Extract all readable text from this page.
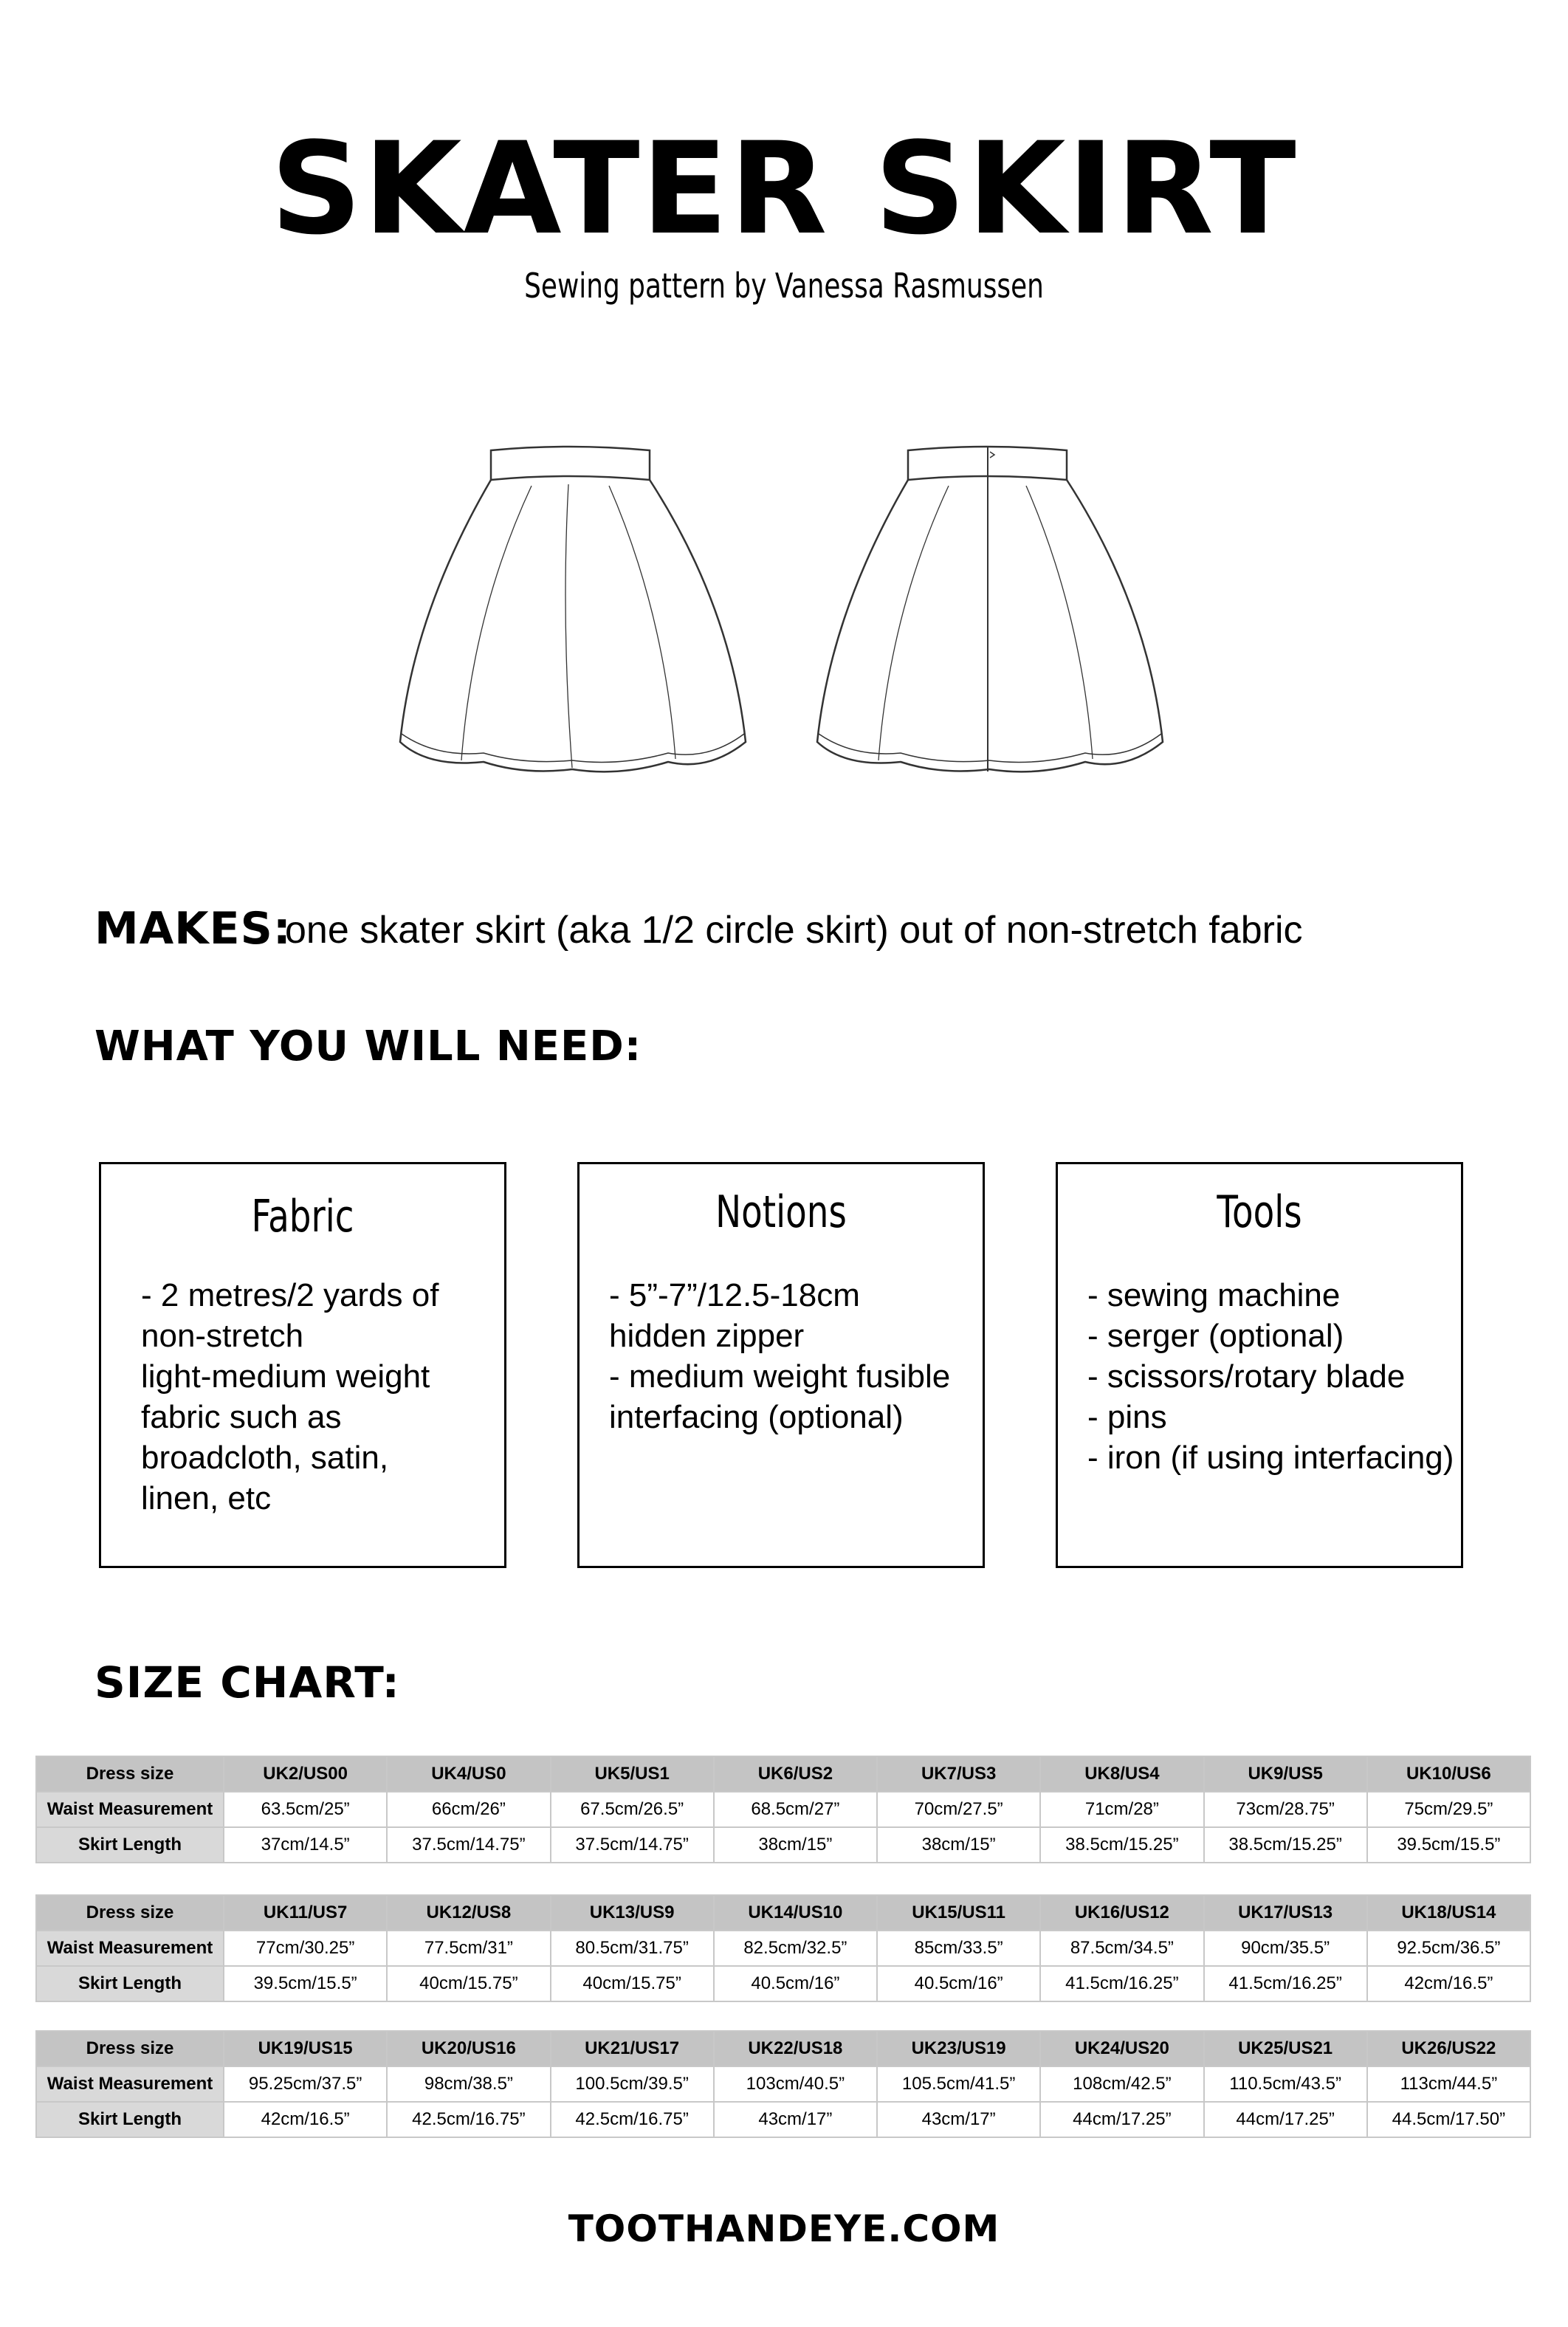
SKATER SKIRT
Sewing pattern by Vanessa Rasmussen
MAKES:
one skater skirt (aka 1/2 circle skirt) out of non-stretch fabric
WHAT YOU WILL NEED:
Fabric
- 2 metres/2 yards of
non-stretch
light-medium weight
fabric such as
broadcloth, satin,
linen, etc
Notions
- 5”-7”/12.5-18cm
hidden zipper
- medium weight fusible
interfacing (optional)
Tools
- sewing machine
- serger (optional)
- scissors/rotary blade
- pins
- iron (if using interfacing)
SIZE CHART:
Dress size	UK2/US00	UK4/US0	UK5/US1	UK6/US2	UK7/US3	UK8/US4	UK9/US5	UK10/US6
Waist Measurement	63.5cm/25”	66cm/26”	67.5cm/26.5”	68.5cm/27”	70cm/27.5”	71cm/28”	73cm/28.75”	75cm/29.5”
Skirt Length	37cm/14.5”	37.5cm/14.75”	37.5cm/14.75”	38cm/15”	38cm/15”	38.5cm/15.25”	38.5cm/15.25”	39.5cm/15.5”
Dress size	UK11/US7	UK12/US8	UK13/US9	UK14/US10	UK15/US11	UK16/US12	UK17/US13	UK18/US14
Waist Measurement	77cm/30.25”	77.5cm/31”	80.5cm/31.75”	82.5cm/32.5”	85cm/33.5”	87.5cm/34.5”	90cm/35.5”	92.5cm/36.5”
Skirt Length	39.5cm/15.5”	40cm/15.75”	40cm/15.75”	40.5cm/16”	40.5cm/16”	41.5cm/16.25”	41.5cm/16.25”	42cm/16.5”
Dress size	UK19/US15	UK20/US16	UK21/US17	UK22/US18	UK23/US19	UK24/US20	UK25/US21	UK26/US22
Waist Measurement	95.25cm/37.5”	98cm/38.5”	100.5cm/39.5”	103cm/40.5”	105.5cm/41.5”	108cm/42.5”	110.5cm/43.5”	113cm/44.5”
Skirt Length	42cm/16.5”	42.5cm/16.75”	42.5cm/16.75”	43cm/17”	43cm/17”	44cm/17.25”	44cm/17.25”	44.5cm/17.50”
TOOTHANDEYE.COM
